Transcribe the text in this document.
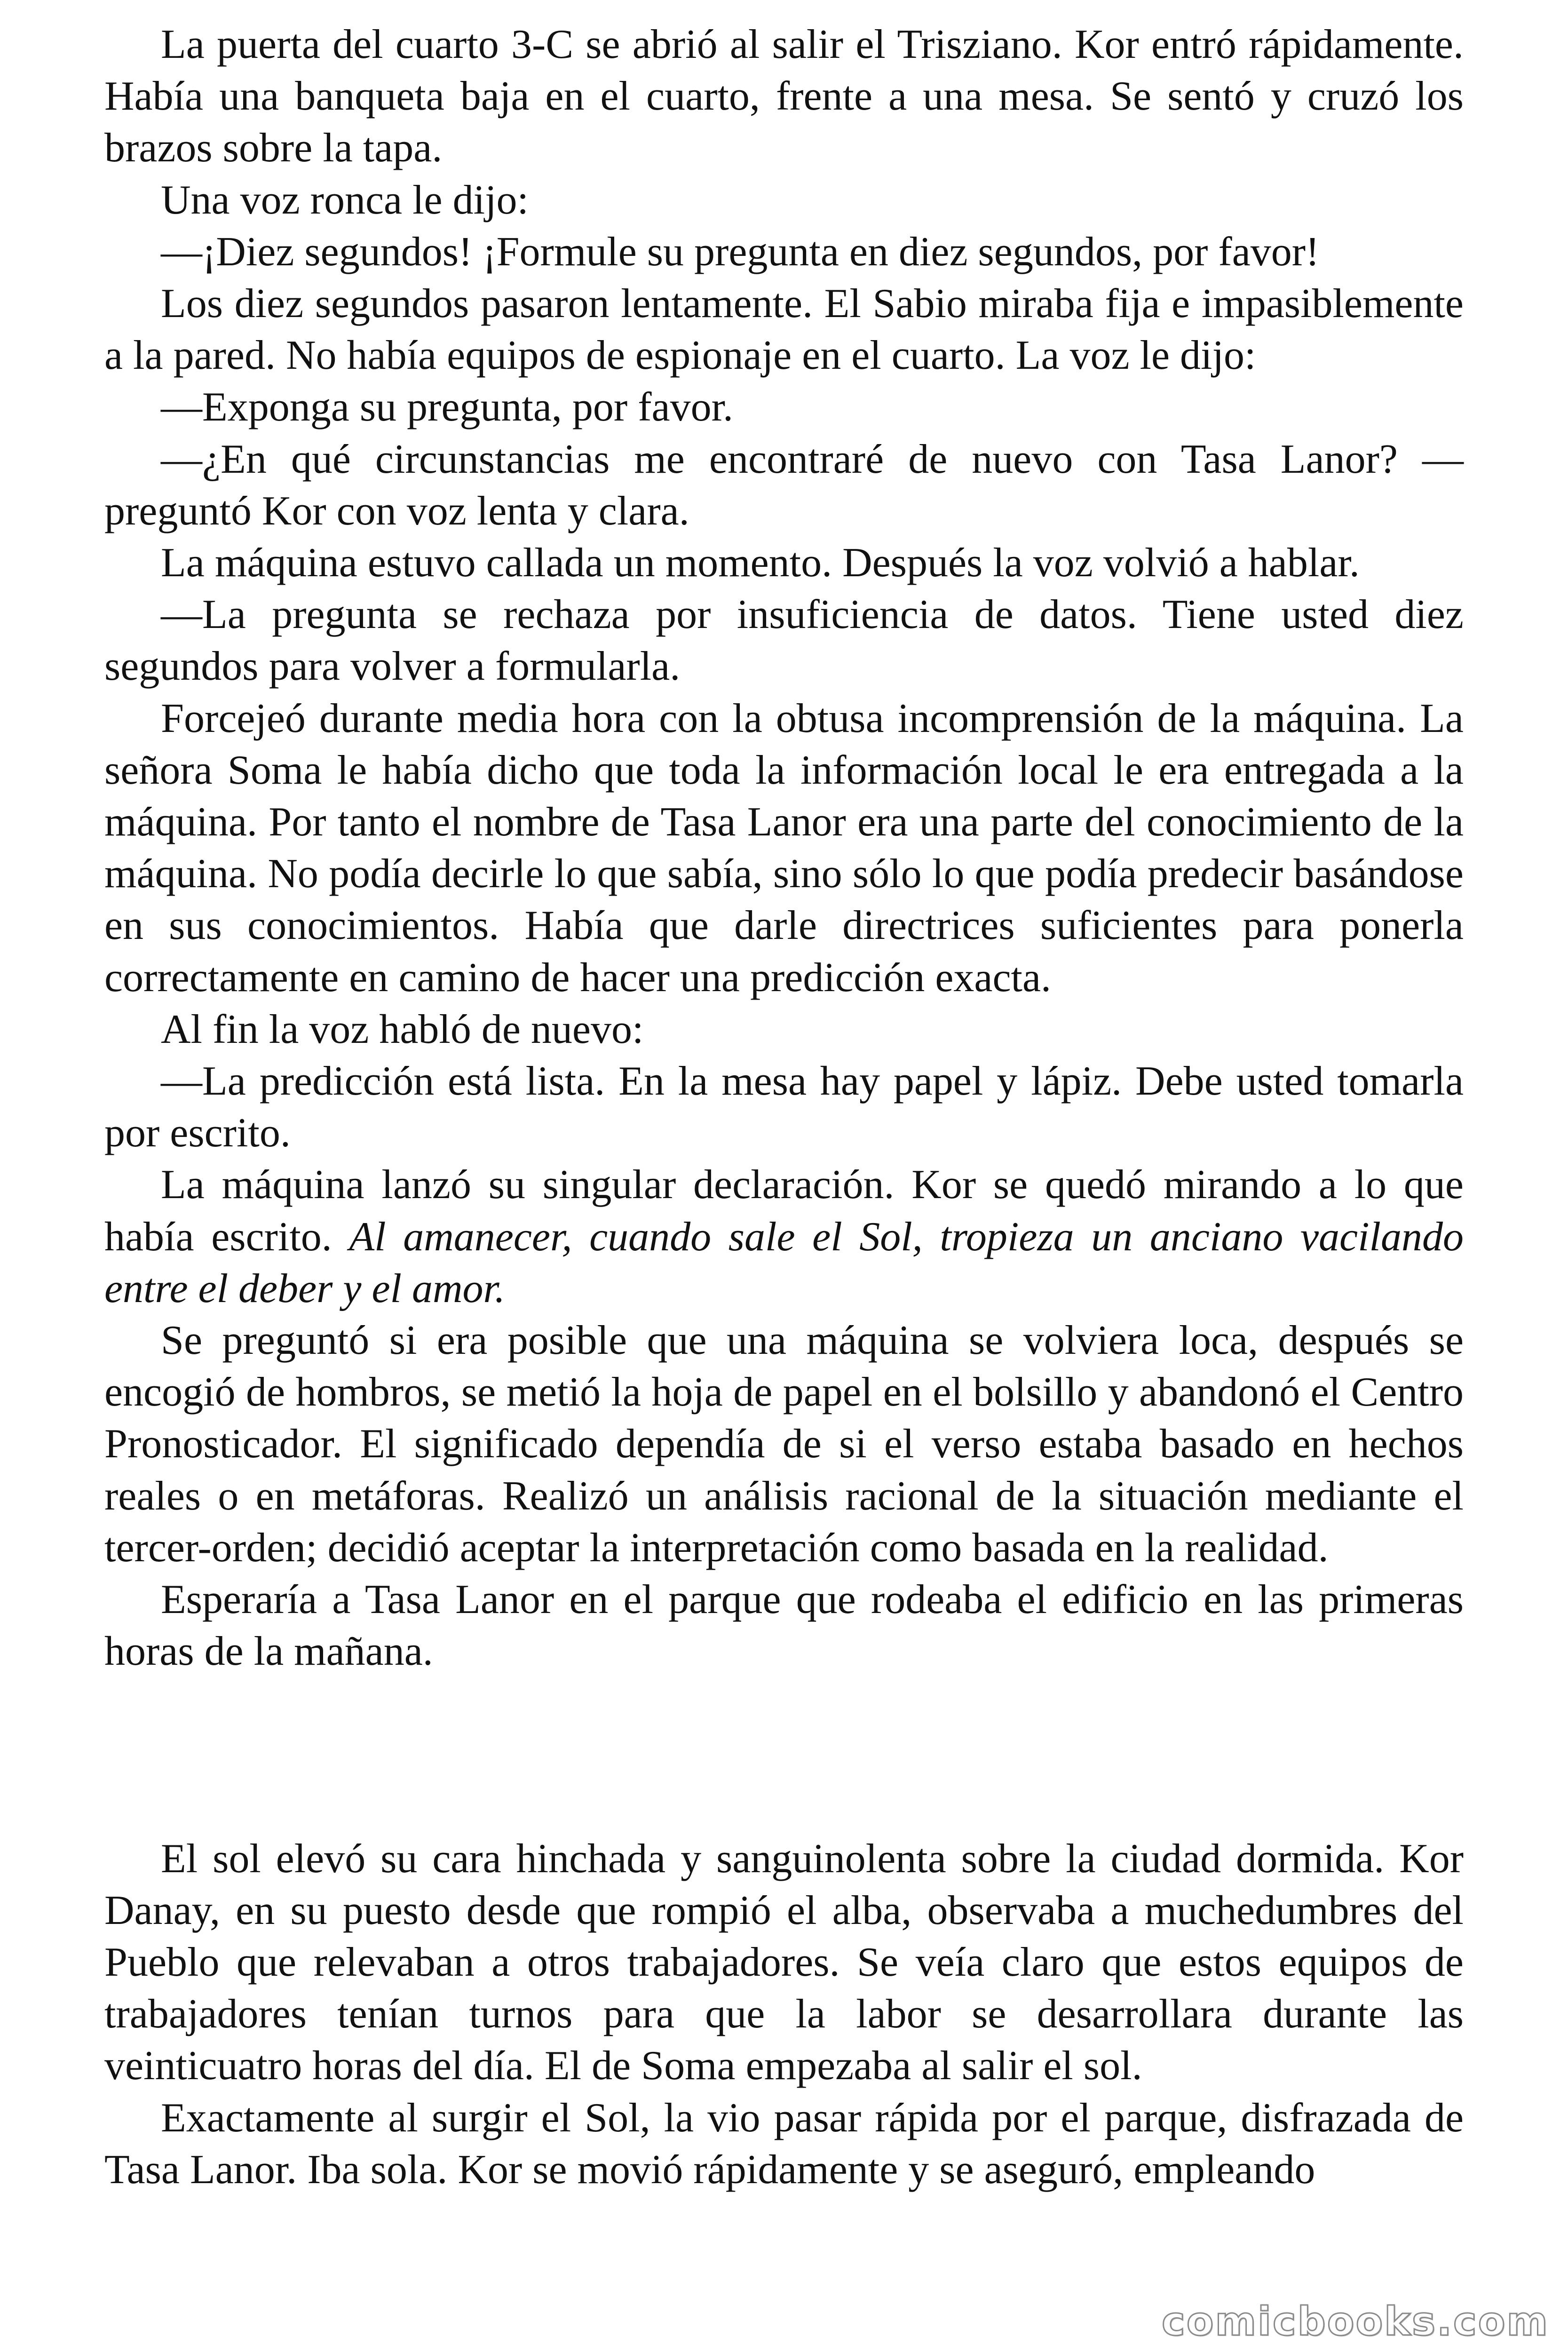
La puerta del cuarto 3-C se abrió al salir el Trisziano. Kor entró rápidamente. Había una banqueta baja en el cuarto, frente a una mesa. Se sentó y cruzó los brazos sobre la tapa.

Una voz ronca le dijo:

—¡Diez segundos! ¡Formule su pregunta en diez segundos, por favor!

Los diez segundos pasaron lentamente. El Sabio miraba fija e impasiblemente a la pared. No había equipos de espionaje en el cuarto. La voz le dijo:

—Exponga su pregunta, por favor.

—¿En qué circunstancias me encontraré de nuevo con Tasa Lanor? —preguntó Kor con voz lenta y clara.

La máquina estuvo callada un momento. Después la voz volvió a hablar.

—La pregunta se rechaza por insuficiencia de datos. Tiene usted diez segundos para volver a formularla.

Forcejeó durante media hora con la obtusa incomprensión de la máquina. La señora Soma le había dicho que toda la información local le era entregada a la máquina. Por tanto el nombre de Tasa Lanor era una parte del conocimiento de la máquina. No podía decirle lo que sabía, sino sólo lo que podía predecir basándose en sus conocimientos. Había que darle directrices suficientes para ponerla correctamente en camino de hacer una predicción exacta.

Al fin la voz habló de nuevo:

—La predicción está lista. En la mesa hay papel y lápiz. Debe usted tomarla por escrito.

La máquina lanzó su singular declaración. Kor se quedó mirando a lo que había escrito. Al amanecer, cuando sale el Sol, tropieza un anciano vacilando entre el deber y el amor.

Se preguntó si era posible que una máquina se volviera loca, después se encogió de hombros, se metió la hoja de papel en el bolsillo y abandonó el Centro Pronosticador. El significado dependía de si el verso estaba basado en hechos reales o en metáforas. Realizó un análisis racional de la situación mediante el tercer-orden; decidió aceptar la interpretación como basada en la realidad.

Esperaría a Tasa Lanor en el parque que rodeaba el edificio en las primeras horas de la mañana.

El sol elevó su cara hinchada y sanguinolenta sobre la ciudad dormida. Kor Danay, en su puesto desde que rompió el alba, observaba a muchedumbres del Pueblo que relevaban a otros trabajadores. Se veía claro que estos equipos de trabajadores tenían turnos para que la labor se desarrollara durante las veinticuatro horas del día. El de Soma empezaba al salir el sol.

Exactamente al surgir el Sol, la vio pasar rápida por el parque, disfrazada de Tasa Lanor. Iba sola. Kor se movió rápidamente y se aseguró, empleando

comicbooks.com
